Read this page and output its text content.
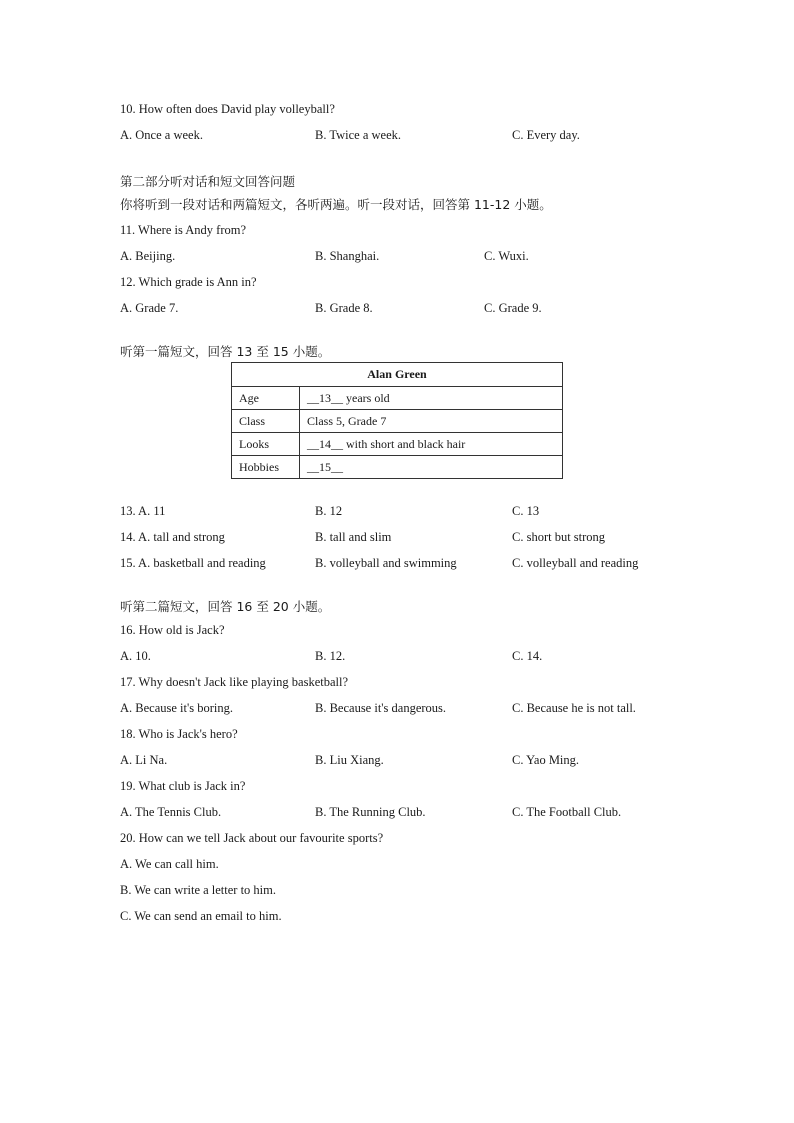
10. How often does David play volleyball?
A. Once a week.	B. Twice a week.	C. Every day.
第二部分听对话和短文回答问题
你将听到一段对话和两篇短文，各听两遍。听一段对话，回答第 11-12 小题。
11. Where is Andy from?
A. Beijing.	B. Shanghai.	C. Wuxi.
12. Which grade is Ann in?
A. Grade 7.	B. Grade 8.	C. Grade 9.
听第一篇短文，回答 13 至 15 小题。
Alan Green	
Age	__13__ years old
Class	Class 5, Grade 7
Looks	__14__ with short and black hair
Hobbies	__15__
13. A. 11	B. 12	C. 13
14. A. tall and strong	B. tall and slim	C. short but strong
15. A. basketball and reading	B. volleyball and swimming	C. volleyball and reading
听第二篇短文，回答 16 至 20 小题。
16. How old is Jack?
A. 10.	B. 12.	C. 14.
17. Why doesn't Jack like playing basketball?
A. Because it's boring.	B. Because it's dangerous.	C. Because he is not tall.
18. Who is Jack's hero?
A. Li Na.	B. Liu Xiang.	C. Yao Ming.
19. What club is Jack in?
A. The Tennis Club.	B. The Running Club.	C. The Football Club.
20. How can we tell Jack about our favourite sports?
A. We can call him.
B. We can write a letter to him.
C. We can send an email to him.
